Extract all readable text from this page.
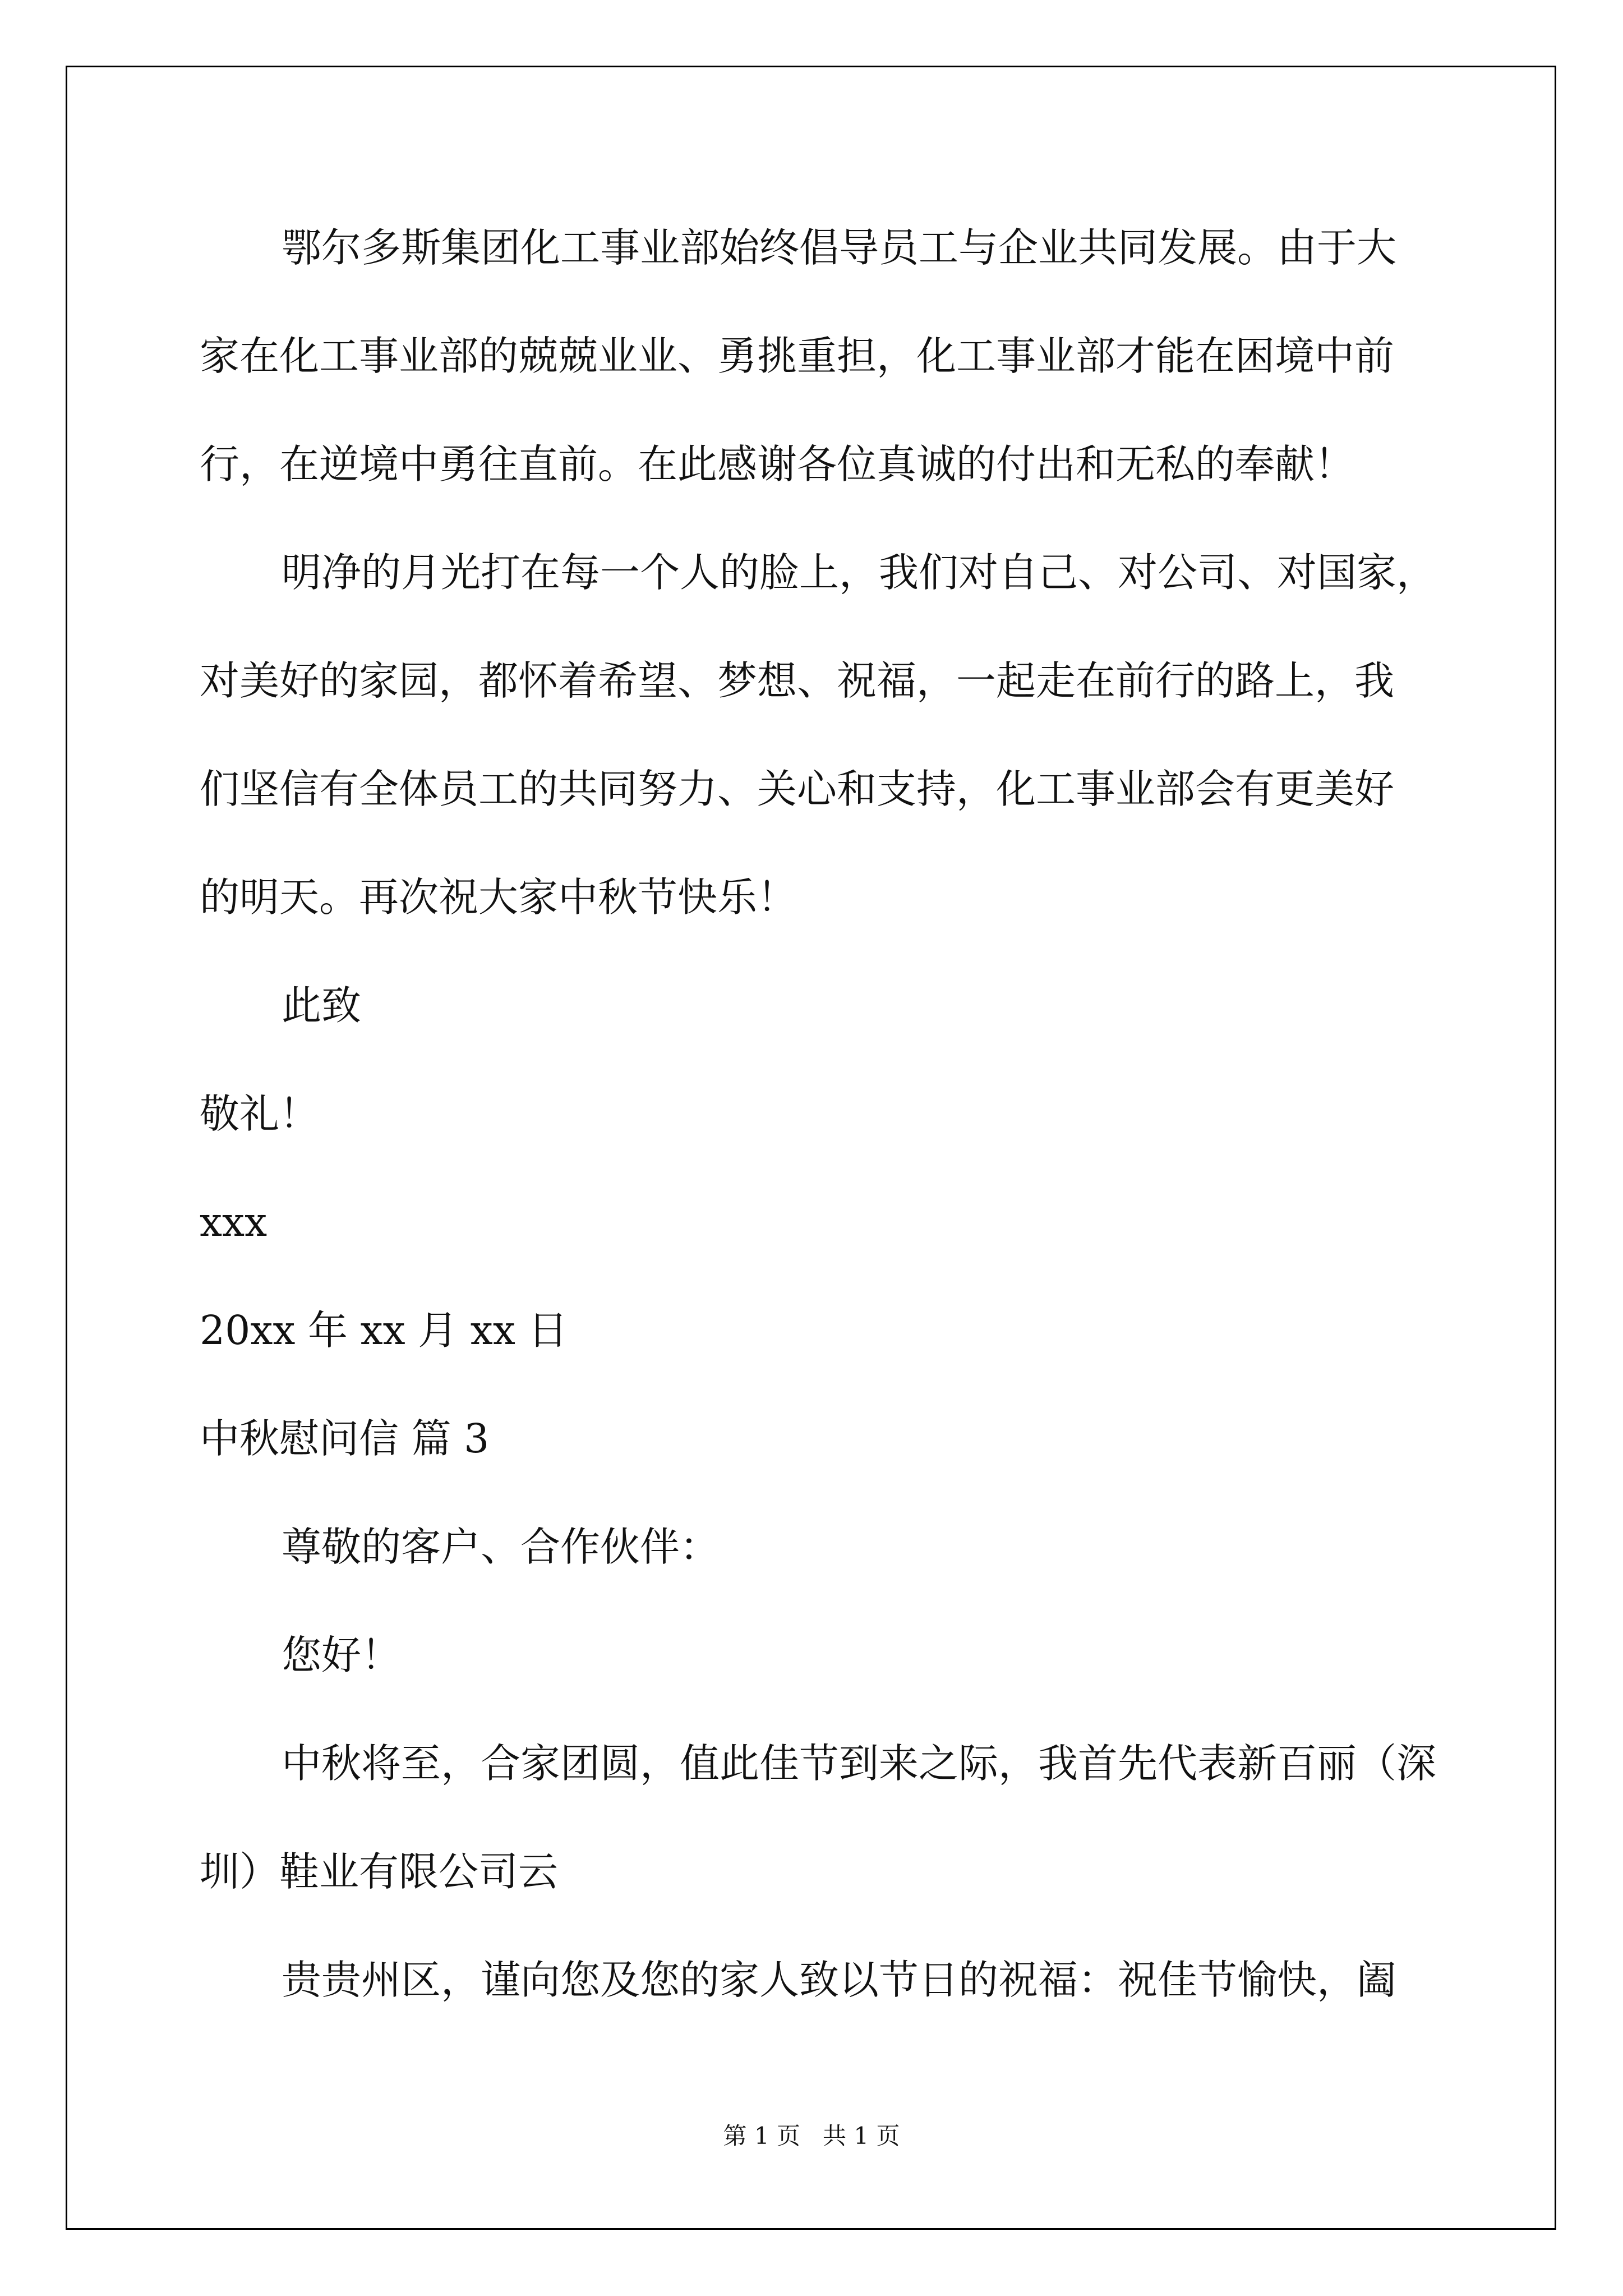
鄂尔多斯集团化工事业部始终倡导员工与企业共同发展。由于大
家在化工事业部的兢兢业业、勇挑重担，化工事业部才能在困境中前
行，在逆境中勇往直前。在此感谢各位真诚的付出和无私的奉献！
明净的月光打在每一个人的脸上，我们对自己、对公司、对国家，
对美好的家园，都怀着希望、梦想、祝福，一起走在前行的路上，我
们坚信有全体员工的共同努力、关心和支持，化工事业部会有更美好
的明天。再次祝大家中秋节快乐！
此致
敬礼！
xxx
20xx 年 xx 月 xx 日
中秋慰问信 篇 3
尊敬的客户、合作伙伴：
您好！
中秋将至，合家团圆，值此佳节到来之际，我首先代表新百丽（深
圳）鞋业有限公司云
贵贵州区，谨向您及您的家人致以节日的祝福：祝佳节愉快，阖
第 1 页   共 1 页
